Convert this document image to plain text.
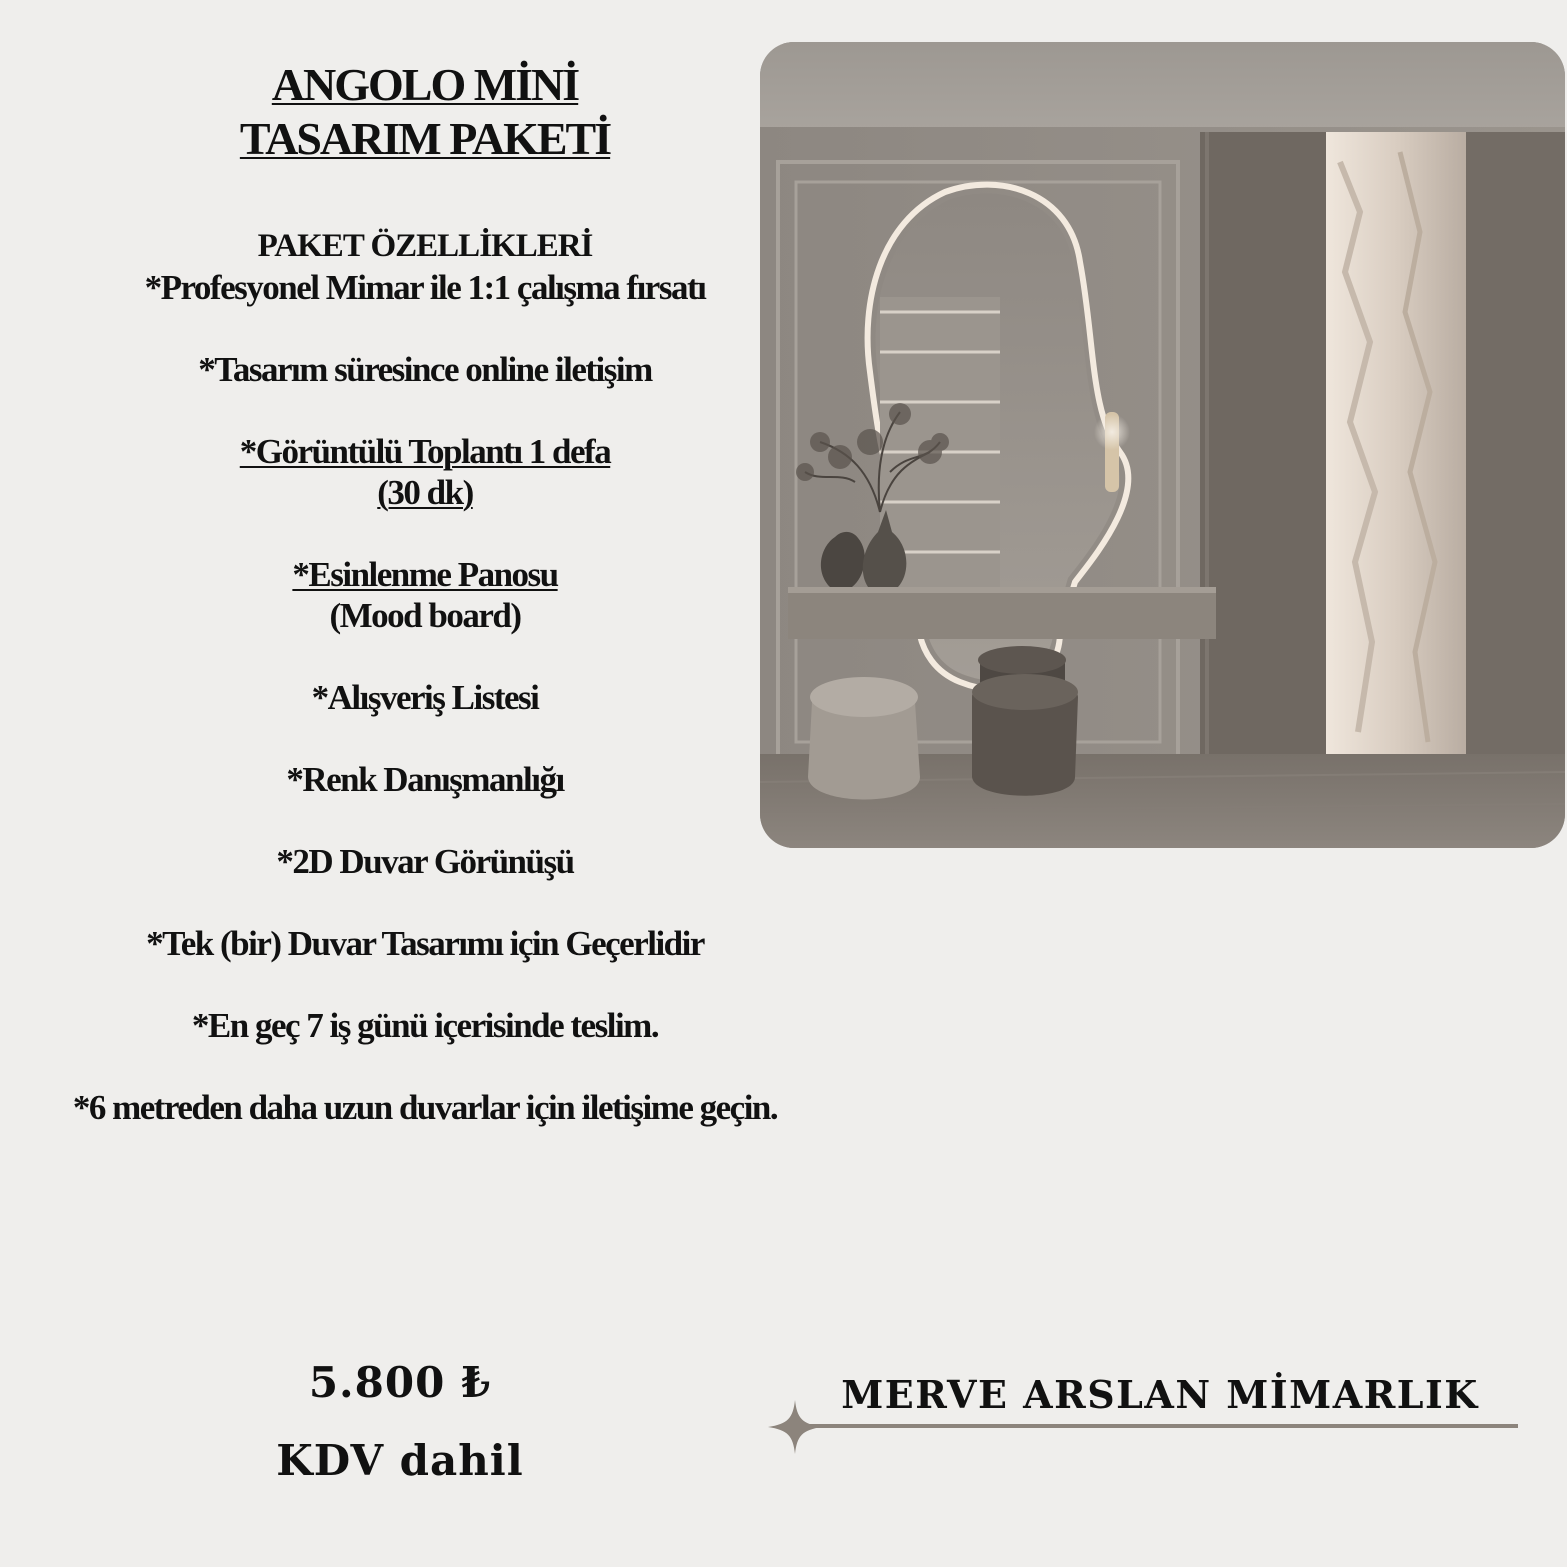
ANGOLO MİNİ
TASARIM PAKETİ
PAKET ÖZELLİKLERİ
*Profesyonel Mimar ile 1:1 çalışma fırsatı
*Tasarım süresince online iletişim
*Görüntülü Toplantı 1 defa
(30 dk)
*Esinlenme Panosu
(Mood board)
*Alışveriş Listesi
*Renk Danışmanlığı
*2D Duvar Görünüşü
*Tek (bir) Duvar Tasarımı için Geçerlidir
*En geç 7 iş günü içerisinde teslim.
*6 metreden daha uzun duvarlar için iletişime geçin.
5.800 ₺
KDV dahil
MERVE ARSLAN MİMARLIK
